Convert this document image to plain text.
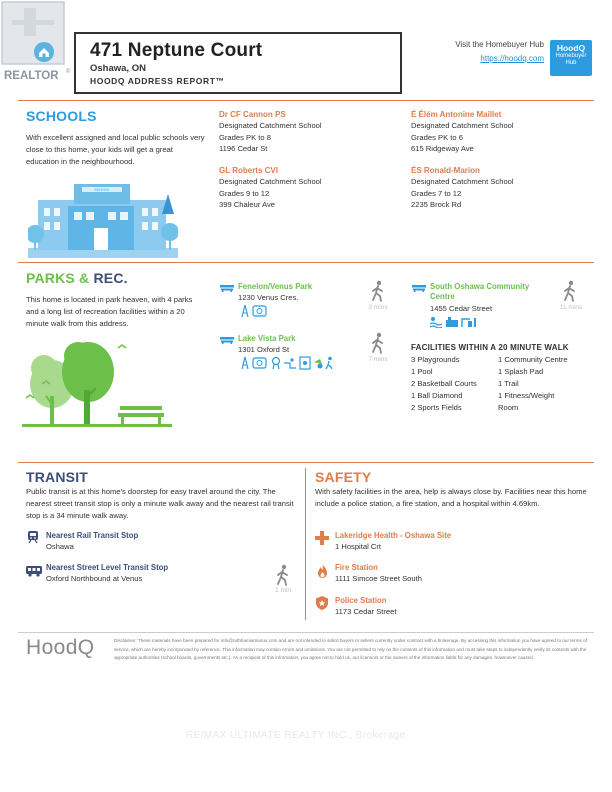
REALTOR ®
471 Neptune Court
Oshawa, ON
HOODQ ADDRESS REPORT™
Visit the Homebuyer Hub
https://hoodq.com
HoodQ
Homebuyer Hub
SCHOOLS
With excellent assigned and local public schools very close to this home, your kids will get a great education in the neighbourhood.
SCHOOL
Dr CF Cannon PS
Designated Catchment School
Grades PK to 8
1196 Cedar St
É Élém Antonine Maillet
Designated Catchment School
Grades PK to 6
615 Ridgeway Ave
GL Roberts CVI
Designated Catchment School
Grades 9 to 12
399 Chaleur Ave
ÉS Ronald-Marion
Designated Catchment School
Grades 7 to 12
2235 Brock Rd
PARKS & REC.
This home is located in park heaven, with 4 parks and a long list of recreation facilities within a 20 minute walk from this address.
Fenelon/Venus Park
1230 Venus Cres.
3 mins
Lake Vista Park
1301 Oxford St
7 mins
South Oshawa Community Centre
1455 Cedar Street	11 mins
FACILITIES WITHIN A 20 MINUTE WALK
3 Playgrounds
1 Pool
2 Basketball Courts
1 Ball Diamond
2 Sports Fields
1 Community Centre
1 Splash Pad
1 Trail
1 Fitness/Weight
Room
TRANSIT
Public transit is at this home's doorstep for easy travel around the city. The nearest street transit stop is only a minute walk away and the nearest rail transit stop is a 34 minute walk away.
Nearest Rail Transit Stop
Oshawa
Nearest Street Level Transit Stop
Oxford Northbound at Venus
1 min
SAFETY
With safety facilities in the area, help is always close by. Facilities near this home include a police station, a fire station, and a hospital within 4.69km.
Lakeridge Health - Oshawa Site
1 Hospital Crt
Fire Station
1111 Simcoe Street South
Police Station
1173 Cedar Street
HoodQ	Disclaimer: These materials have been prepared for info@ruthhamiamiaruu.com and are not intended to solicit buyers or sellers currently under contract with a brokerage. By accessing this information you have agreed to our terms of service, which are hereby incorporated by reference. This information may contain errors and omissions. You are not permitted to rely on the contents of this information and must take steps to independently verify its contents with the appropriate authorities (school boards, governments etc.). As a recipient of this information, you agree not to hold us, our licensors or the owners of the information liable for any damages, howsoever caused.
RE/MAX ULTIMATE REALTY INC., Brokerage
